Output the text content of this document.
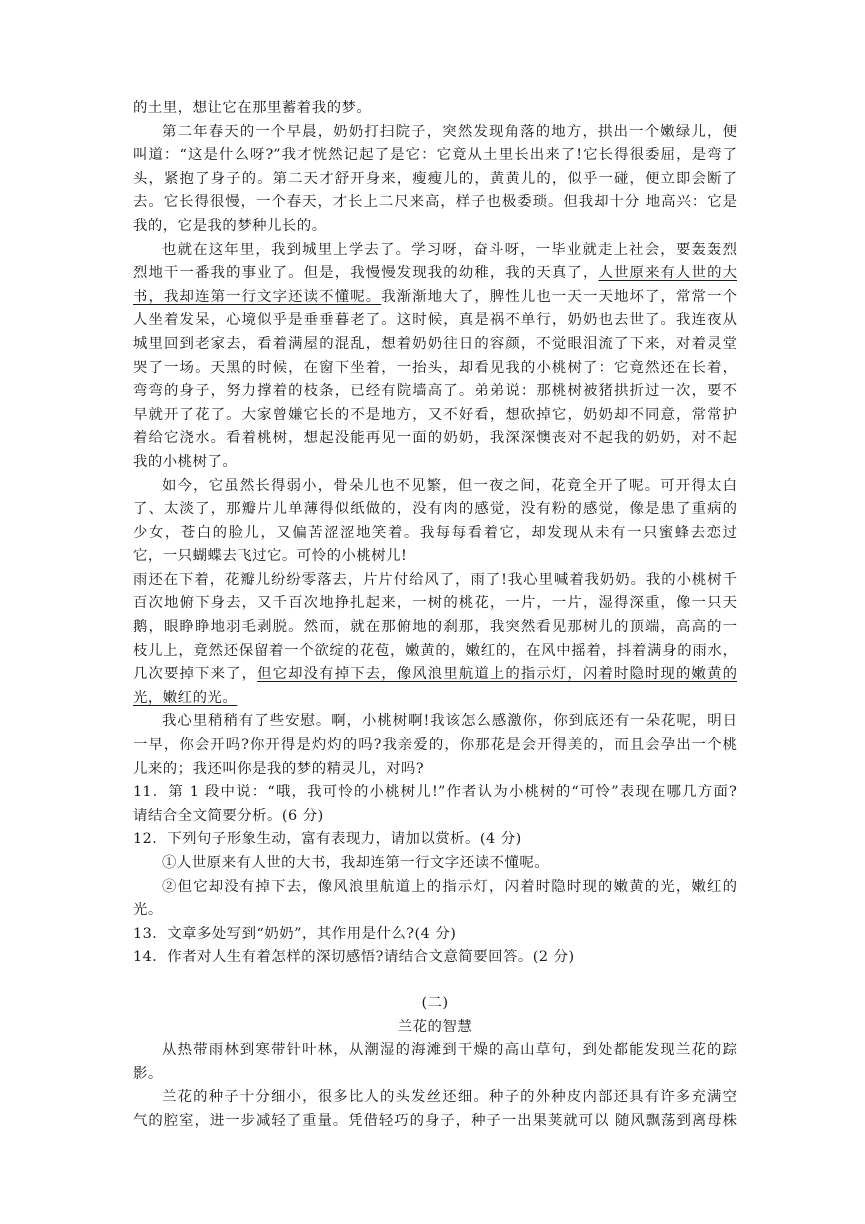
的土里，想让它在那里蓄着我的梦。
第二年春天的一个早晨，奶奶打扫院子，突然发现角落的地方，拱出一个嫩绿儿，便
叫道：“这是什么呀?”我才恍然记起了是它：它竟从土里长出来了!它长得很委屈，是弯了
头，紧抱了身子的。第二天才舒开身来，瘦瘦儿的，黄黄儿的，似乎一碰，便立即会断了
去。它长得很慢，一个春天，才长上二尺来高，样子也极委琐。但我却十分 地高兴：它是
我的，它是我的梦种儿长的。
也就在这年里，我到城里上学去了。学习呀，奋斗呀，一毕业就走上社会，要轰轰烈
烈地干一番我的事业了。但是，我慢慢发现我的幼稚，我的天真了，人世原来有人世的大
书，我却连第一行文字还读不懂呢。我渐渐地大了，脾性儿也一天一天地坏了，常常一个
人坐着发呆，心境似乎是垂垂暮老了。这时候，真是祸不单行，奶奶也去世了。我连夜从
城里回到老家去，看着满屋的混乱，想着奶奶往日的容颜，不觉眼泪流了下来，对着灵堂
哭了一场。天黑的时候，在窗下坐着，一抬头，却看见我的小桃树了：它竟然还在长着，
弯弯的身子，努力撑着的枝条，已经有院墙高了。弟弟说：那桃树被猪拱折过一次，要不
早就开了花了。大家曾嫌它长的不是地方，又不好看，想砍掉它，奶奶却不同意，常常护
着给它浇水。看着桃树，想起没能再见一面的奶奶，我深深懊丧对不起我的奶奶，对不起
我的小桃树了。
如今，它虽然长得弱小，骨朵儿也不见繁，但一夜之间，花竟全开了呢。可开得太白
了、太淡了，那瓣片儿单薄得似纸做的，没有肉的感觉，没有粉的感觉，像是患了重病的
少女，苍白的脸儿，又偏苦涩涩地笑着。我每每看着它，却发现从未有一只蜜蜂去恋过
它，一只蝴蝶去飞过它。可怜的小桃树儿!
雨还在下着，花瓣儿纷纷零落去，片片付给风了，雨了!我心里喊着我奶奶。我的小桃树千
百次地俯下身去，又千百次地挣扎起来，一树的桃花，一片，一片，湿得深重，像一只天
鹅，眼睁睁地羽毛剥脱。然而，就在那俯地的刹那，我突然看见那树儿的顶端，高高的一
枝儿上，竟然还保留着一个欲绽的花苞，嫩黄的，嫩红的，在风中摇着，抖着满身的雨水，
几次要掉下来了，但它却没有掉下去，像风浪里航道上的指示灯，闪着时隐时现的嫩黄的
光，嫩红的光。
我心里稍稍有了些安慰。啊，小桃树啊!我该怎么感激你，你到底还有一朵花呢，明日
一早，你会开吗?你开得是灼灼的吗?我亲爱的，你那花是会开得美的，而且会孕出一个桃
儿来的；我还叫你是我的梦的精灵儿，对吗?
11．第 1 段中说：“哦，我可怜的小桃树儿!”作者认为小桃树的“可怜”表现在哪几方面?
请结合全文简要分析。(6 分)
12．下列句子形象生动，富有表现力，请加以赏析。(4 分)
①人世原来有人世的大书，我却连第一行文字还读不懂呢。
②但它却没有掉下去，像风浪里航道上的指示灯，闪着时隐时现的嫩黄的光，嫩红的
光。
13．文章多处写到“奶奶”，其作用是什么?(4 分)
14．作者对人生有着怎样的深切感悟?请结合文意简要回答。(2 分)
(二)
兰花的智慧
从热带雨林到寒带针叶林，从潮湿的海滩到干燥的高山草句，到处都能发现兰花的踪
影。
兰花的种子十分细小，很多比人的头发丝还细。种子的外种皮内部还具有许多充满空
气的腔室，进一步减轻了重量。凭借轻巧的身子，种子一出果荚就可以 随风飘荡到离母株
